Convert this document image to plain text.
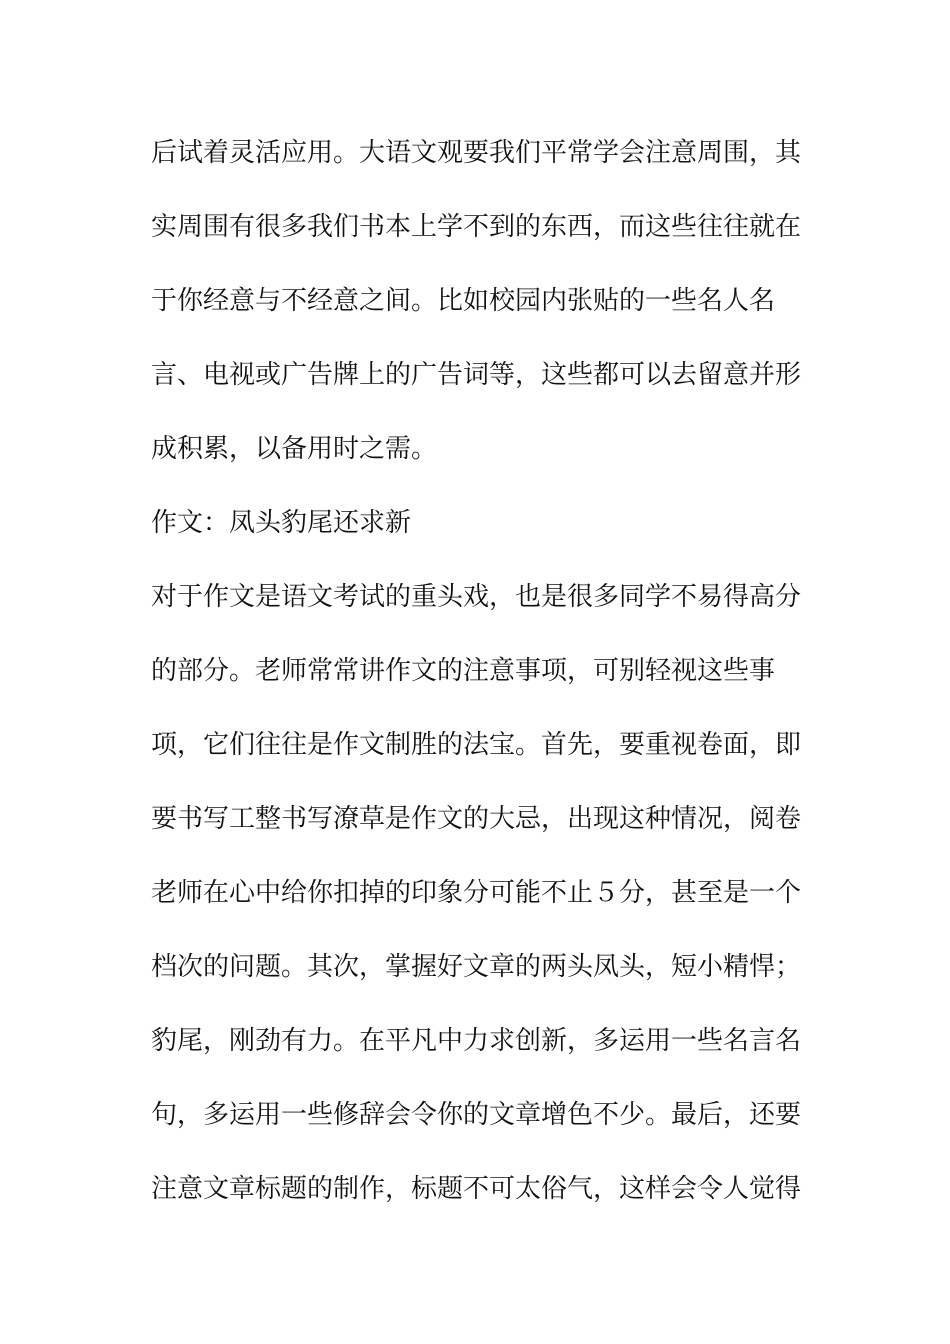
后试着灵活应用。大语文观要我们平常学会注意周围，其
实周围有很多我们书本上学不到的东西，而这些往往就在
于你经意与不经意之间。比如校园内张贴的一些名人名
言、电视或广告牌上的广告词等，这些都可以去留意并形
成积累，以备用时之需。
作文：凤头豹尾还求新
对于作文是语文考试的重头戏，也是很多同学不易得高分
的部分。老师常常讲作文的注意事项，可别轻视这些事
项，它们往往是作文制胜的法宝。首先，要重视卷面，即
要书写工整书写潦草是作文的大忌，出现这种情况，阅卷
老师在心中给你扣掉的印象分可能不止５分，甚至是一个
档次的问题。其次，掌握好文章的两头凤头，短小精悍；
豹尾，刚劲有力。在平凡中力求创新，多运用一些名言名
句，多运用一些修辞会令你的文章增色不少。最后，还要
注意文章标题的制作，标题不可太俗气，这样会令人觉得
